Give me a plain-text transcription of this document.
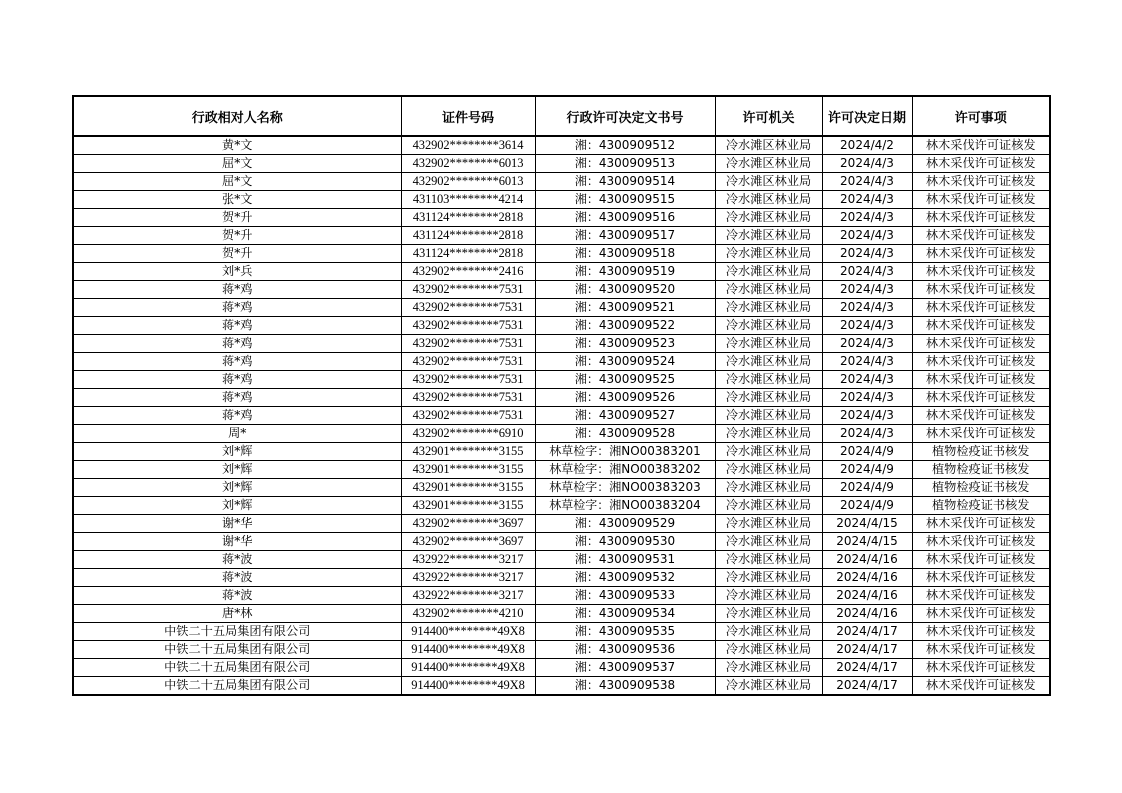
行政相对人名称	证件号码	行政许可决定文书号	许可机关	许可决定日期	许可事项
黄*文	432902********3614	湘：4300909512	冷水滩区林业局	2024/4/2	林木采伐许可证核发
屈*文	432902********6013	湘：4300909513	冷水滩区林业局	2024/4/3	林木采伐许可证核发
屈*文	432902********6013	湘：4300909514	冷水滩区林业局	2024/4/3	林木采伐许可证核发
张*文	431103********4214	湘：4300909515	冷水滩区林业局	2024/4/3	林木采伐许可证核发
贺*升	431124********2818	湘：4300909516	冷水滩区林业局	2024/4/3	林木采伐许可证核发
贺*升	431124********2818	湘：4300909517	冷水滩区林业局	2024/4/3	林木采伐许可证核发
贺*升	431124********2818	湘：4300909518	冷水滩区林业局	2024/4/3	林木采伐许可证核发
刘*兵	432902********2416	湘：4300909519	冷水滩区林业局	2024/4/3	林木采伐许可证核发
蒋*鸡	432902********7531	湘：4300909520	冷水滩区林业局	2024/4/3	林木采伐许可证核发
蒋*鸡	432902********7531	湘：4300909521	冷水滩区林业局	2024/4/3	林木采伐许可证核发
蒋*鸡	432902********7531	湘：4300909522	冷水滩区林业局	2024/4/3	林木采伐许可证核发
蒋*鸡	432902********7531	湘：4300909523	冷水滩区林业局	2024/4/3	林木采伐许可证核发
蒋*鸡	432902********7531	湘：4300909524	冷水滩区林业局	2024/4/3	林木采伐许可证核发
蒋*鸡	432902********7531	湘：4300909525	冷水滩区林业局	2024/4/3	林木采伐许可证核发
蒋*鸡	432902********7531	湘：4300909526	冷水滩区林业局	2024/4/3	林木采伐许可证核发
蒋*鸡	432902********7531	湘：4300909527	冷水滩区林业局	2024/4/3	林木采伐许可证核发
周*	432902********6910	湘：4300909528	冷水滩区林业局	2024/4/3	林木采伐许可证核发
刘*辉	432901********3155	林草检字：湘NO00383201	冷水滩区林业局	2024/4/9	植物检疫证书核发
刘*辉	432901********3155	林草检字：湘NO00383202	冷水滩区林业局	2024/4/9	植物检疫证书核发
刘*辉	432901********3155	林草检字：湘NO00383203	冷水滩区林业局	2024/4/9	植物检疫证书核发
刘*辉	432901********3155	林草检字：湘NO00383204	冷水滩区林业局	2024/4/9	植物检疫证书核发
谢*华	432902********3697	湘：4300909529	冷水滩区林业局	2024/4/15	林木采伐许可证核发
谢*华	432902********3697	湘：4300909530	冷水滩区林业局	2024/4/15	林木采伐许可证核发
蒋*波	432922********3217	湘：4300909531	冷水滩区林业局	2024/4/16	林木采伐许可证核发
蒋*波	432922********3217	湘：4300909532	冷水滩区林业局	2024/4/16	林木采伐许可证核发
蒋*波	432922********3217	湘：4300909533	冷水滩区林业局	2024/4/16	林木采伐许可证核发
唐*林	432902********4210	湘：4300909534	冷水滩区林业局	2024/4/16	林木采伐许可证核发
中铁二十五局集团有限公司	914400********49X8	湘：4300909535	冷水滩区林业局	2024/4/17	林木采伐许可证核发
中铁二十五局集团有限公司	914400********49X8	湘：4300909536	冷水滩区林业局	2024/4/17	林木采伐许可证核发
中铁二十五局集团有限公司	914400********49X8	湘：4300909537	冷水滩区林业局	2024/4/17	林木采伐许可证核发
中铁二十五局集团有限公司	914400********49X8	湘：4300909538	冷水滩区林业局	2024/4/17	林木采伐许可证核发
